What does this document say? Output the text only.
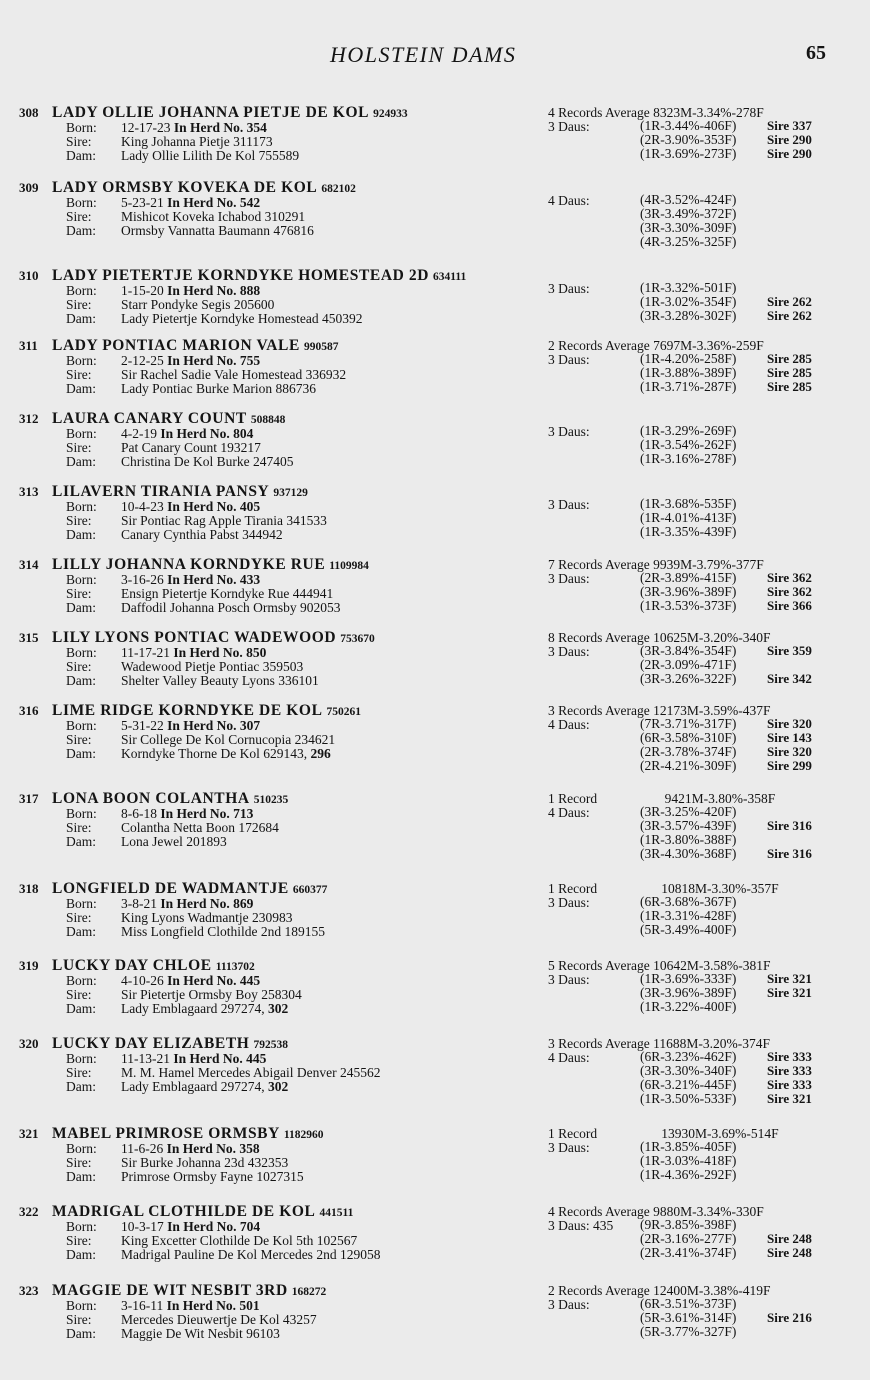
HOLSTEIN DAMS	65
308 LADY OLLIE JOHANNA PIETJE DE KOL 924933
Born: 12-17-23 In Herd No. 354
Sire: King Johanna Pietje 311173
Dam: Lady Ollie Lilith De Kol 755589
4 Records Average 8323M-3.34%-278F
3 Daus:	(1R-3.44%-406F) Sire 337
(2R-3.90%-353F) Sire 290
(1R-3.69%-273F) Sire 290
309 LADY ORMSBY KOVEKA DE KOL 682102
Born: 5-23-21 In Herd No. 542
Sire: Mishicot Koveka Ichabod 310291
Dam: Ormsby Vannatta Baumann 476816
4 Daus:	(4R-3.52%-424F)
(3R-3.49%-372F)
(3R-3.30%-309F)
(4R-3.25%-325F)
310 LADY PIETERTJE KORNDYKE HOMESTEAD 2D 634111
Born: 1-15-20 In Herd No. 888
Sire: Starr Pondyke Segis 205600
Dam: Lady Pietertje Korndyke Homestead 450392
3 Daus:	(1R-3.32%-501F)
(1R-3.02%-354F) Sire 262
(3R-3.28%-302F) Sire 262
311 LADY PONTIAC MARION VALE 990587
Born: 2-12-25 In Herd No. 755
Sire: Sir Rachel Sadie Vale Homestead 336932
Dam: Lady Pontiac Burke Marion 886736
2 Records Average 7697M-3.36%-259F
3 Daus:	(1R-4.20%-258F) Sire 285
(1R-3.88%-389F) Sire 285
(1R-3.71%-287F) Sire 285
312 LAURA CANARY COUNT 508848
Born: 4-2-19 In Herd No. 804
Sire: Pat Canary Count 193217
Dam: Christina De Kol Burke 247405
3 Daus:	(1R-3.29%-269F)
(1R-3.54%-262F)
(1R-3.16%-278F)
313 LILAVERN TIRANIA PANSY 937129
Born: 10-4-23 In Herd No. 405
Sire: Sir Pontiac Rag Apple Tirania 341533
Dam: Canary Cynthia Pabst 344942
3 Daus:	(1R-3.68%-535F)
(1R-4.01%-413F)
(1R-3.35%-439F)
314 LILLY JOHANNA KORNDYKE RUE 1109984
Born: 3-16-26 In Herd No. 433
Sire: Ensign Pietertje Korndyke Rue 444941
Dam: Daffodil Johanna Posch Ormsby 902053
7 Records Average 9939M-3.79%-377F
3 Daus:	(2R-3.89%-415F) Sire 362
(3R-3.96%-389F) Sire 362
(1R-3.53%-373F) Sire 366
315 LILY LYONS PONTIAC WADEWOOD 753670
Born: 11-17-21 In Herd No. 850
Sire: Wadewood Pietje Pontiac 359503
Dam: Shelter Valley Beauty Lyons 336101
8 Records Average 10625M-3.20%-340F
3 Daus:	(3R-3.84%-354F) Sire 359
(2R-3.09%-471F)
(3R-3.26%-322F) Sire 342
316 LIME RIDGE KORNDYKE DE KOL 750261
Born: 5-31-22 In Herd No. 307
Sire: Sir College De Kol Cornucopia 234621
Dam: Korndyke Thorne De Kol 629143, 296
3 Records Average 12173M-3.59%-437F
4 Daus:	(7R-3.71%-317F) Sire 320
(6R-3.58%-310F) Sire 143
(2R-3.78%-374F) Sire 320
(2R-4.21%-309F) Sire 299
317 LONA BOON COLANTHA 510235
Born: 8-6-18 In Herd No. 713
Sire: Colantha Netta Boon 172684
Dam: Lona Jewel 201893
1 Record                    9421M-3.80%-358F
4 Daus:	(3R-3.25%-420F)
(3R-3.57%-439F) Sire 316
(1R-3.80%-388F)
(3R-4.30%-368F) Sire 316
318 LONGFIELD DE WADMANTJE 660377
Born: 3-8-21 In Herd No. 869
Sire: King Lyons Wadmantje 230983
Dam: Miss Longfield Clothilde 2nd 189155
1 Record                   10818M-3.30%-357F
3 Daus:	(6R-3.68%-367F)
(1R-3.31%-428F)
(5R-3.49%-400F)
319 LUCKY DAY CHLOE 1113702
Born: 4-10-26 In Herd No. 445
Sire: Sir Pietertje Ormsby Boy 258304
Dam: Lady Emblagaard 297274, 302
5 Records Average 10642M-3.58%-381F
3 Daus:	(1R-3.69%-333F) Sire 321
(3R-3.96%-389F) Sire 321
(1R-3.22%-400F)
320 LUCKY DAY ELIZABETH 792538
Born: 11-13-21 In Herd No. 445
Sire: M. M. Hamel Mercedes Abigail Denver 245562
Dam: Lady Emblagaard 297274, 302
3 Records Average 11688M-3.20%-374F
4 Daus:	(6R-3.23%-462F) Sire 333
(3R-3.30%-340F) Sire 333
(6R-3.21%-445F) Sire 333
(1R-3.50%-533F) Sire 321
321 MABEL PRIMROSE ORMSBY 1182960
Born: 11-6-26 In Herd No. 358
Sire: Sir Burke Johanna 23d 432353
Dam: Primrose Ormsby Fayne 1027315
1 Record                   13930M-3.69%-514F
3 Daus:	(1R-3.85%-405F)
(1R-3.03%-418F)
(1R-4.36%-292F)
322 MADRIGAL CLOTHILDE DE KOL 441511
Born: 10-3-17 In Herd No. 704
Sire: King Excetter Clothilde De Kol 5th 102567
Dam: Madrigal Pauline De Kol Mercedes 2nd 129058
4 Records Average 9880M-3.34%-330F
3 Daus: 435 (9R-3.85%-398F)
(2R-3.16%-277F) Sire 248
(2R-3.41%-374F) Sire 248
323 MAGGIE DE WIT NESBIT 3RD 168272
Born: 3-16-11 In Herd No. 501
Sire: Mercedes Dieuwertje De Kol 43257
Dam: Maggie De Wit Nesbit 96103
2 Records Average 12400M-3.38%-419F
3 Daus:	(6R-3.51%-373F)
(5R-3.61%-314F) Sire 216
(5R-3.77%-327F)
